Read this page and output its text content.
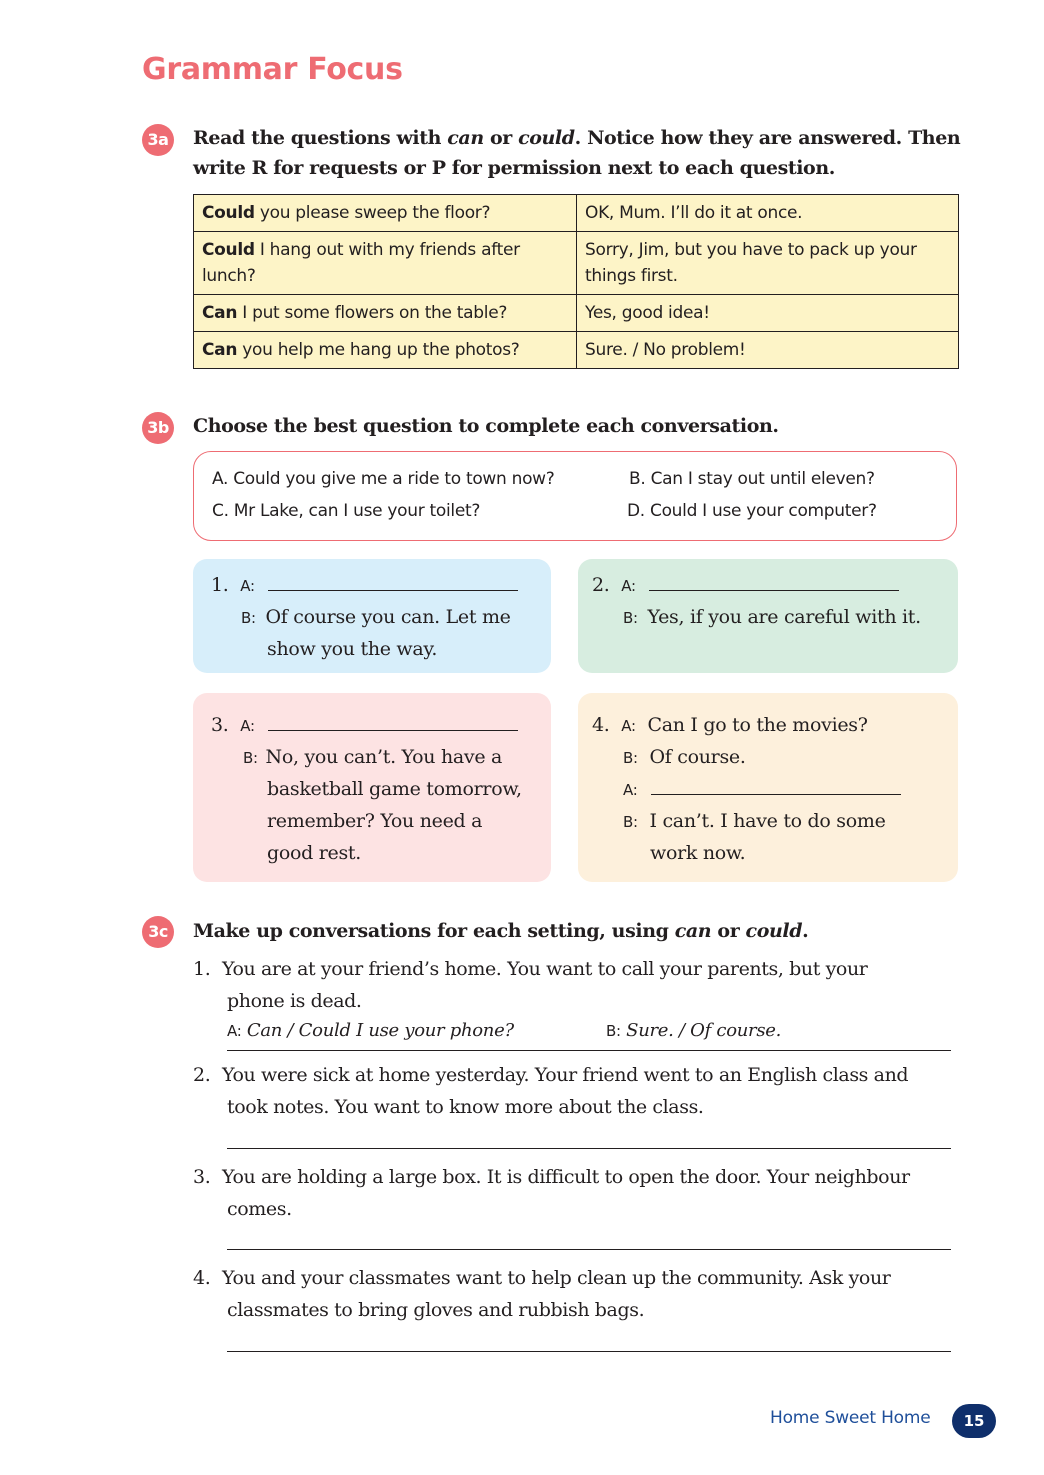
Grammar Focus
3a Read the questions with can or could. Notice how they are answered. Then
write R for requests or P for permission next to each question.
Could you please sweep the floor?	OK, Mum. I’ll do it at once.
Could I hang out with my friends after lunch?	Sorry, Jim, but you have to pack up your things first.
Can I put some flowers on the table?	Yes, good idea!
Can you help me hang up the photos?	Sure. / No problem!
3b Choose the best question to complete each conversation.
A. Could you give me a ride to town now?	B. Can I stay out until eleven?
C. Mr Lake, can I use your toilet?	D. Could I use your computer?
1. A:
B: Of course you can. Let me
show you the way.
2. A:
B: Yes, if you are careful with it.
3. A:
B: No, you can’t. You have a
basketball game tomorrow,
remember? You need a
good rest.
4. A: Can I go to the movies?
B: Of course.
A:
B: I can’t. I have to do some
work now.
3c	Make up conversations for each setting, using can or could.
1. You are at your friend’s home. You want to call your parents, but your
phone is dead.
A: Can / Could I use your phone?	B: Sure. / Of course.
2. You were sick at home yesterday. Your friend went to an English class and
took notes. You want to know more about the class.
3. You are holding a large box. It is difficult to open the door. Your neighbour
comes.
4. You and your classmates want to help clean up the community. Ask your
classmates to bring gloves and rubbish bags.
Home Sweet Home	15
